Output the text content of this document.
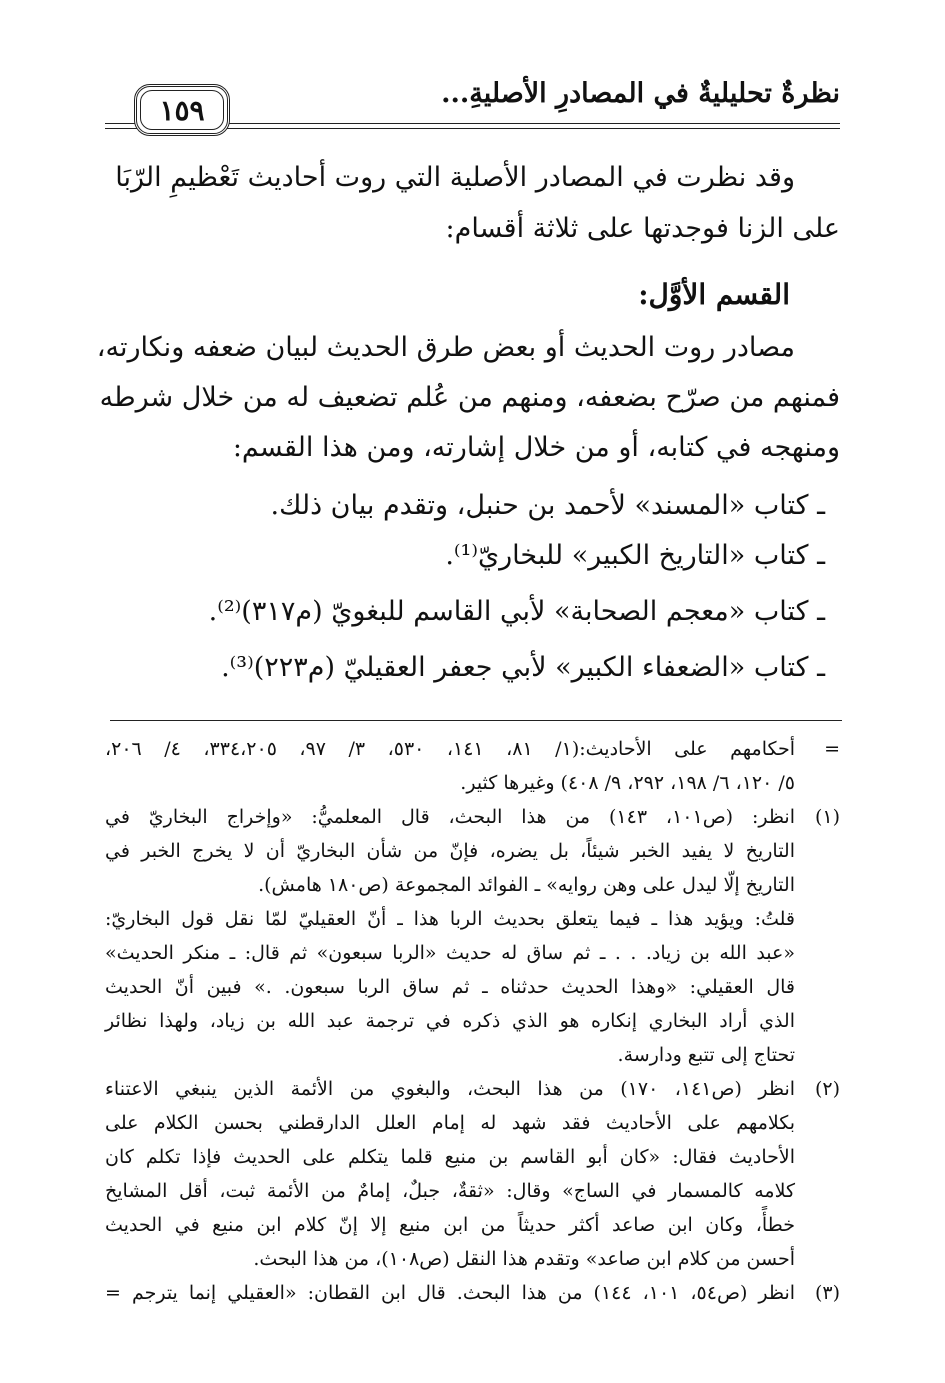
نظرةٌ تحليليةٌ في المصادرِ الأصليةِ...
١٥٩
وقد نظرت في المصادر الأصلية التي روت أحاديث تَعْظيمِ الرّبَا
على الزنا فوجدتها على ثلاثة أقسام:
القسم الأوَّل:
مصادر روت الحديث أو بعض طرق الحديث لبيان ضعفه ونكارته،
فمنهم من صرّح بضعفه، ومنهم من عُلم تضعيف له من خلال شرطه
ومنهجه في كتابه، أو من خلال إشارته، ومن هذا القسم:
ـ كتاب «المسند» لأحمد بن حنبل، وتقدم بيان ذلك.
ـ كتاب «التاريخ الكبير» للبخاريّ⁽¹⁾.
ـ كتاب «معجم الصحابة» لأبي القاسم للبغويّ (م٣١٧)⁽²⁾.
ـ كتاب «الضعفاء الكبير» لأبي جعفر العقيليّ (م٢٢٣)⁽³⁾.
=
أحكامهم على الأحاديث:(١/ ٨١، ١٤١، ٥٣٠، ٣/ ٩٧، ٣٣٤،٢٠٥، ٤/ ٢٠٦،
٥/ ١٢٠، ٦/ ١٩٨، ٢٩٢، ٩/ ٤٠٨) وغيرها كثير.
(١)
انظر: (ص١٠١، ١٤٣) من هذا البحث، قال المعلميُّ: «وإخراج البخاريّ في
التاريخ لا يفيد الخبر شيئاً، بل يضره، فإنّ من شأن البخاريّ أن لا يخرج الخبر في
التاريخ إلّا ليدل على وهن روايه» ـ الفوائد المجموعة (ص١٨٠ هامش).
قلتُ: ويؤيد هذا ـ فيما يتعلق بحديث الربا هذا ـ أنّ العقيليّ لمّا نقل قول البخاريّ:
«عبد الله بن زياد. . . ـ ثم ساق له حديث «الربا سبعون» ثم قال: ـ منكر الحديث»
قال العقيلي: «وهذا الحديث حدثناه ـ ثم ساق الربا سبعون. .» فبين أنّ الحديث
الذي أراد البخاري إنكاره هو الذي ذكره في ترجمة عبد الله بن زياد، ولهذا نظائر
تحتاج إلى تتبع ودارسة.
(٢)
انظر (ص١٤١، ١٧٠) من هذا البحث، والبغوي من الأئمة الذين ينبغي الاعتناء
بكلامهم على الأحاديث فقد شهد له إمام العلل الدارقطني بحسن الكلام على
الأحاديث فقال: «كان أبو القاسم بن منيع قلما يتكلم على الحديث فإذا تكلم كان
كلامه كالمسمار في الساج» وقال: «ثقةٌ، جبلٌ، إمامٌ من الأئمة ثبت، أقل المشايخ
خطأً، وكان ابن صاعد أكثر حديثاً من ابن منيع إلا إنّ كلام ابن منيع في الحديث
أحسن من كلام ابن صاعد» وتقدم هذا النقل (ص١٠٨)، من هذا البحث.
(٣)
انظر (ص٥٤، ١٠١، ١٤٤) من هذا البحث. قال ابن القطان: «العقيلي إنما يترجم =
